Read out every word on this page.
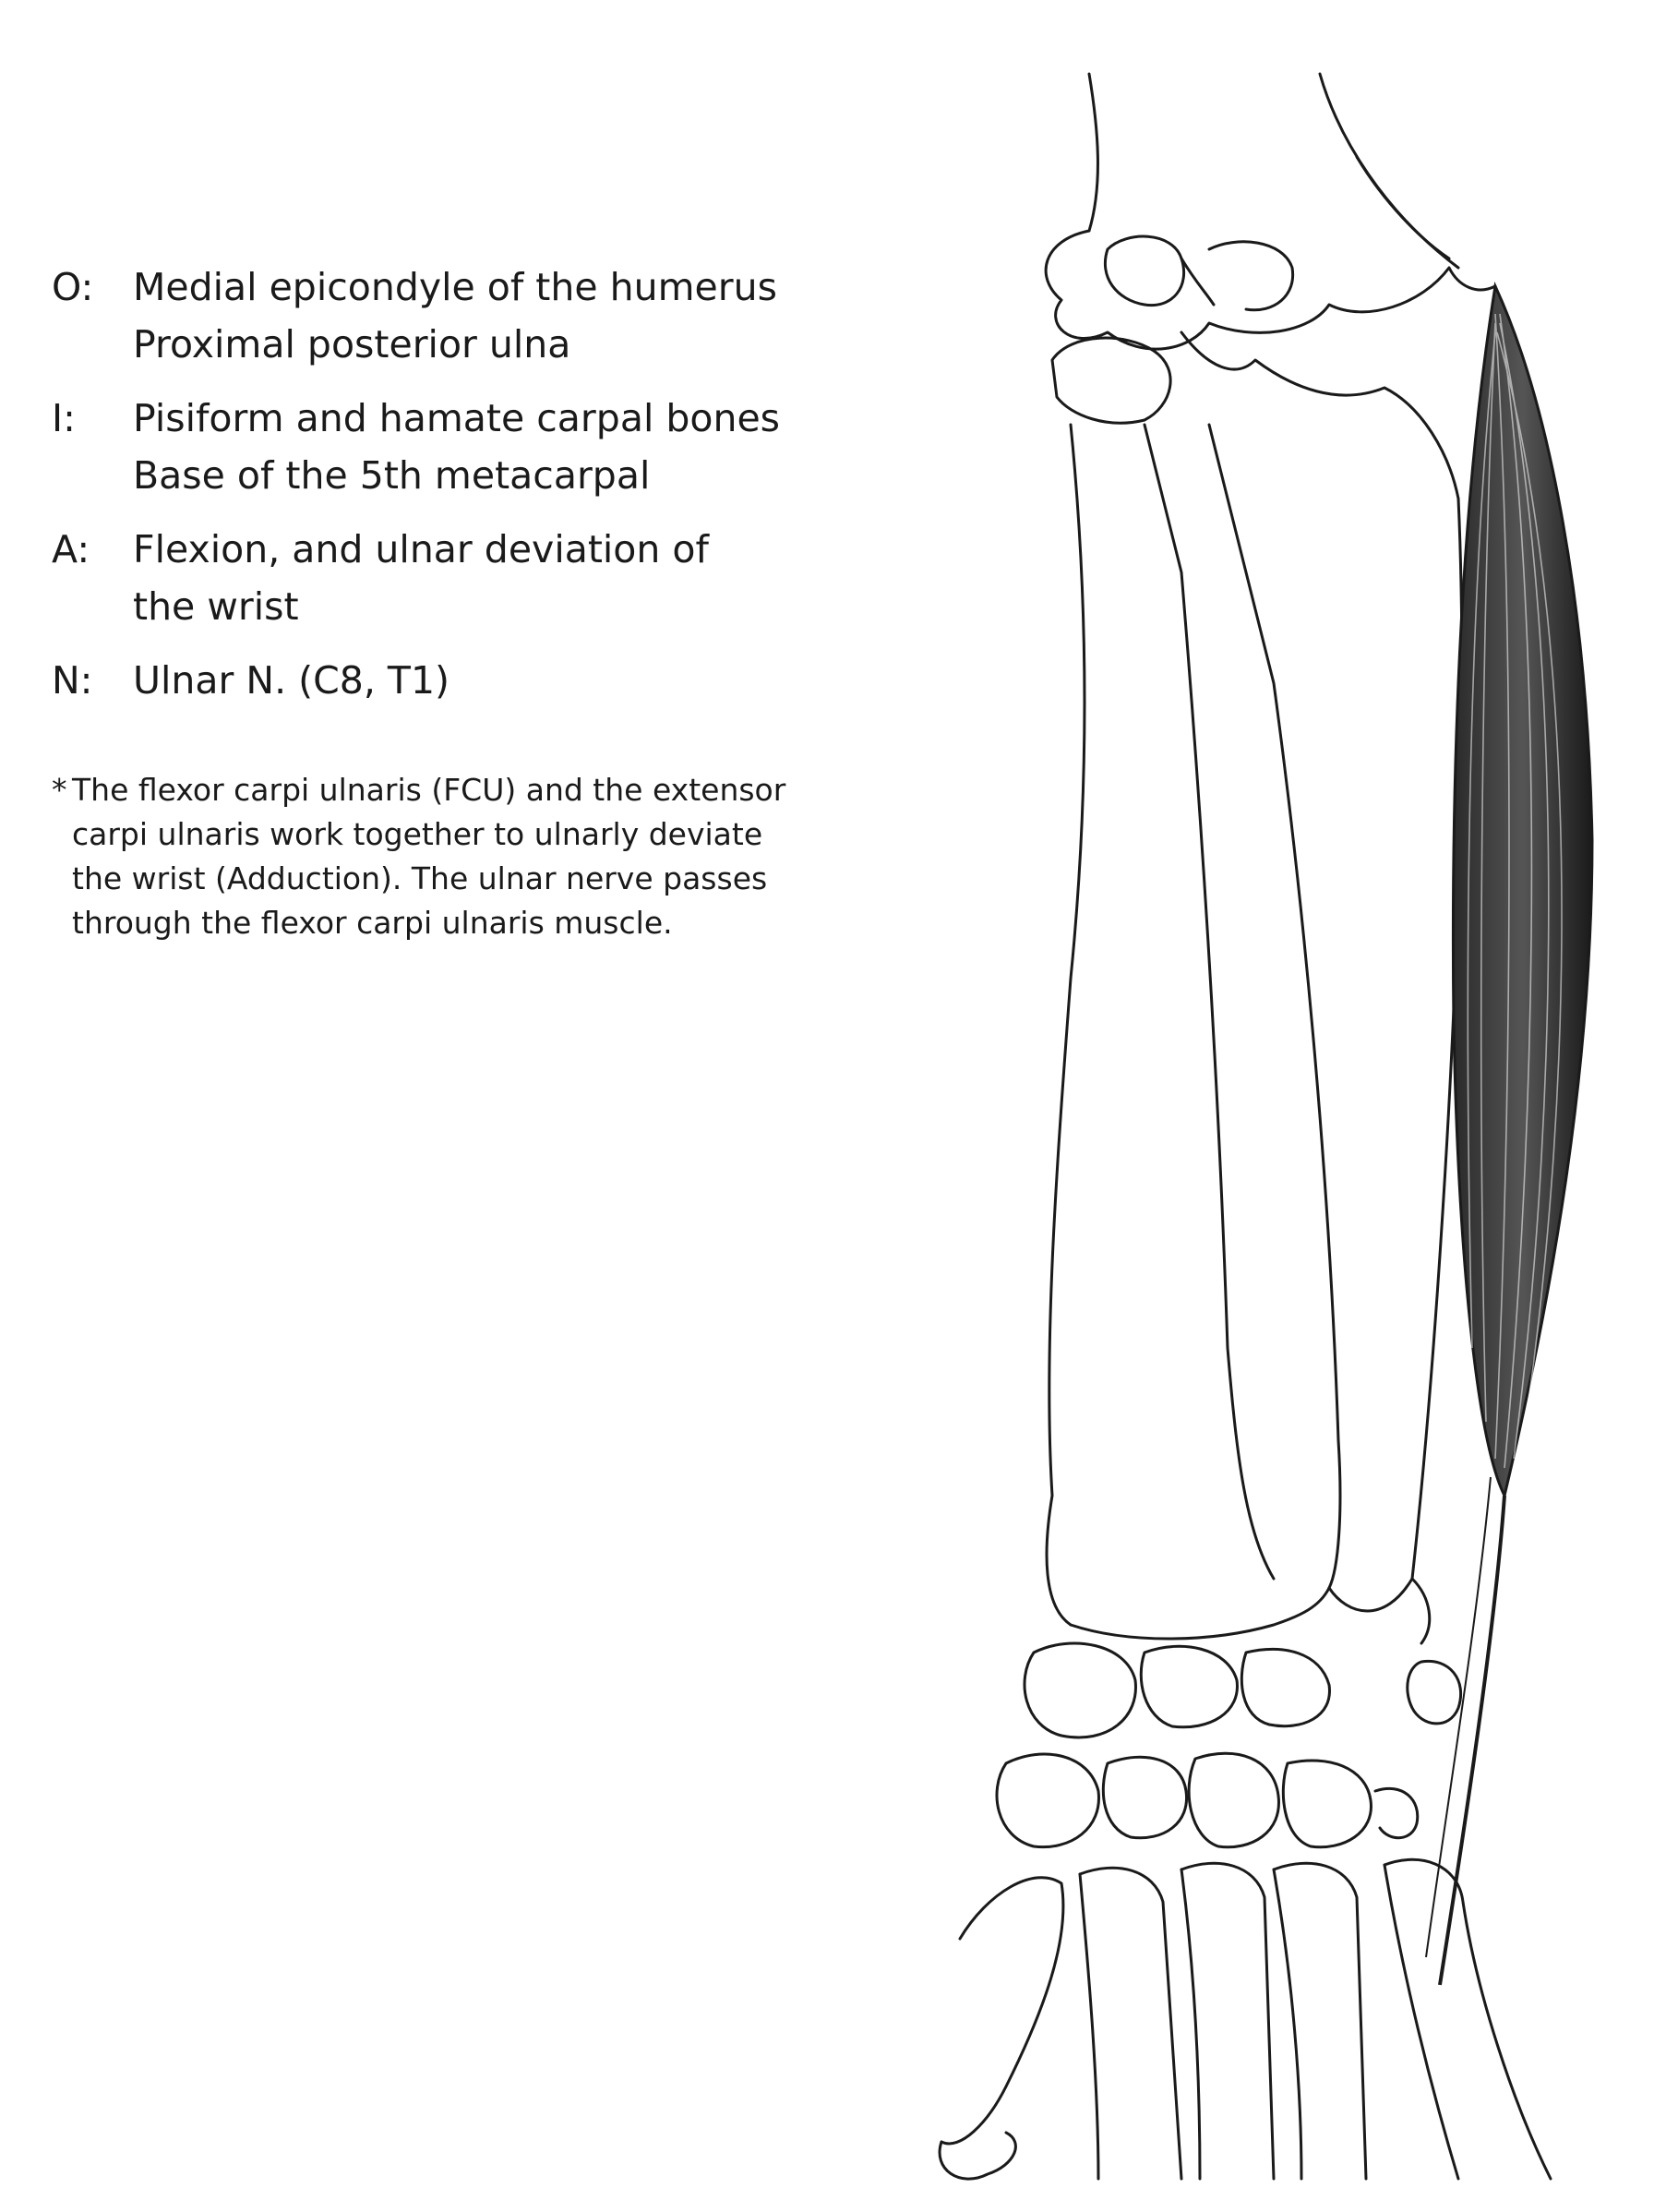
O:	Medial epicondyle of the humerus
Proximal posterior ulna
I:	Pisiform and hamate carpal bones
Base of the 5th metacarpal
A:	Flexion, and ulnar deviation of
the wrist
N:	Ulnar N. (C8, T1)
* The flexor carpi ulnaris (FCU) and the extensor
carpi ulnaris work together to ulnarly deviate
the wrist (Adduction). The ulnar nerve passes
through the flexor carpi ulnaris muscle.
